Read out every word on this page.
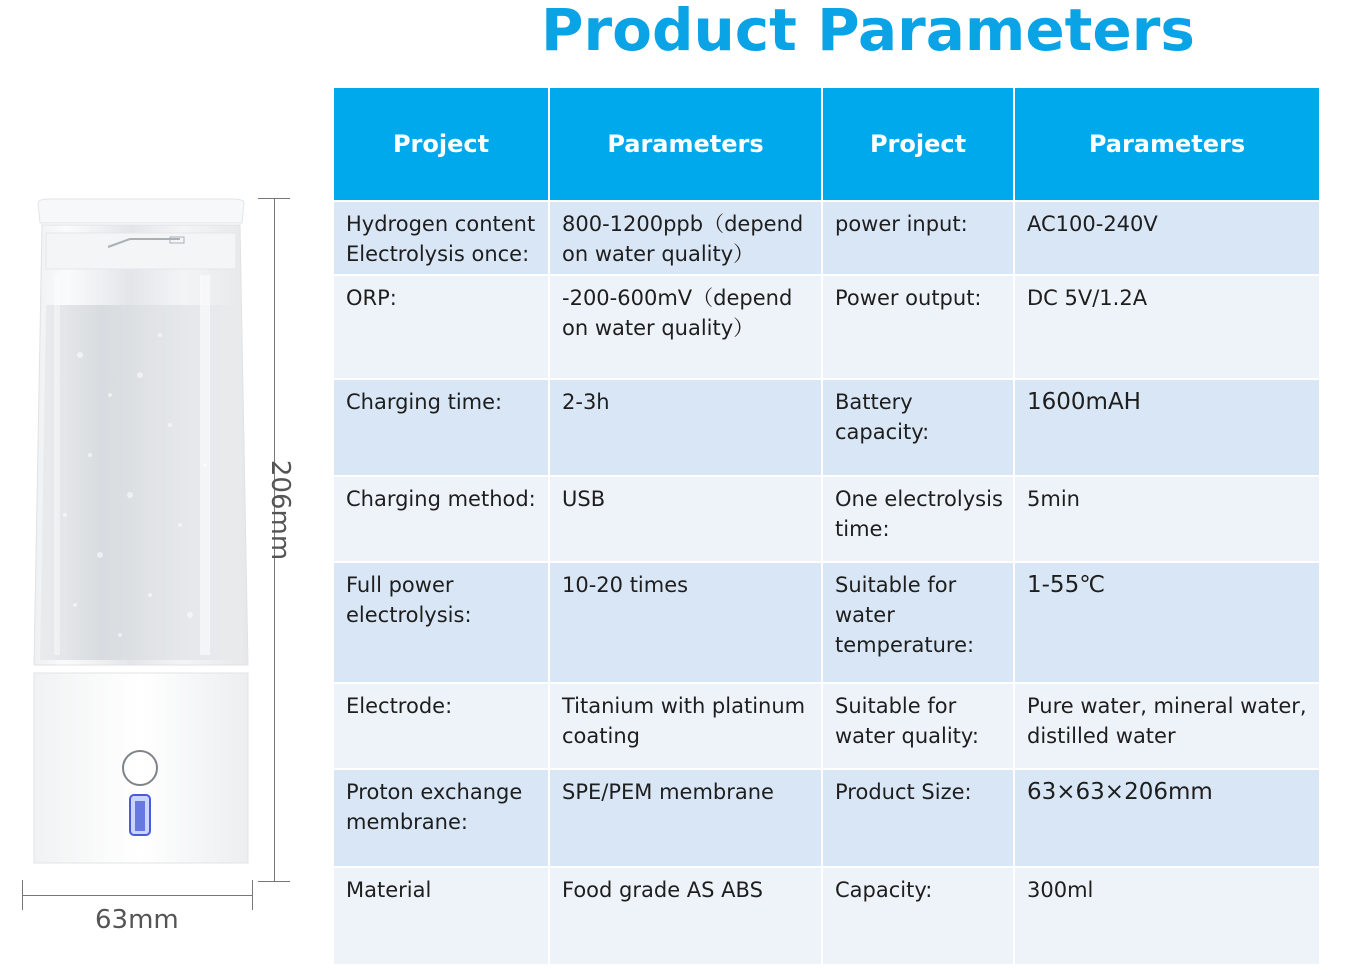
Product Parameters
206mm
63mm
Project	Parameters	Project	Parameters
Hydrogen content Electrolysis once:	800-1200ppb（depend on water quality）	power input:	AC100-240V
ORP:	-200-600mV（depend on water quality）	Power output:	DC 5V/1.2A
Charging time:	2-3h	Battery capacity:	1600mAH
Charging method:	USB	One electrolysis time:	5min
Full power electrolysis:	10-20 times	Suitable for water temperature:	1-55℃
Electrode:	Titanium with platinum coating	Suitable for water quality:	Pure water, mineral water, distilled water
Proton exchange membrane:	SPE/PEM membrane	Product Size:	63×63×206mm
Material	Food grade AS ABS	Capacity:	300ml
